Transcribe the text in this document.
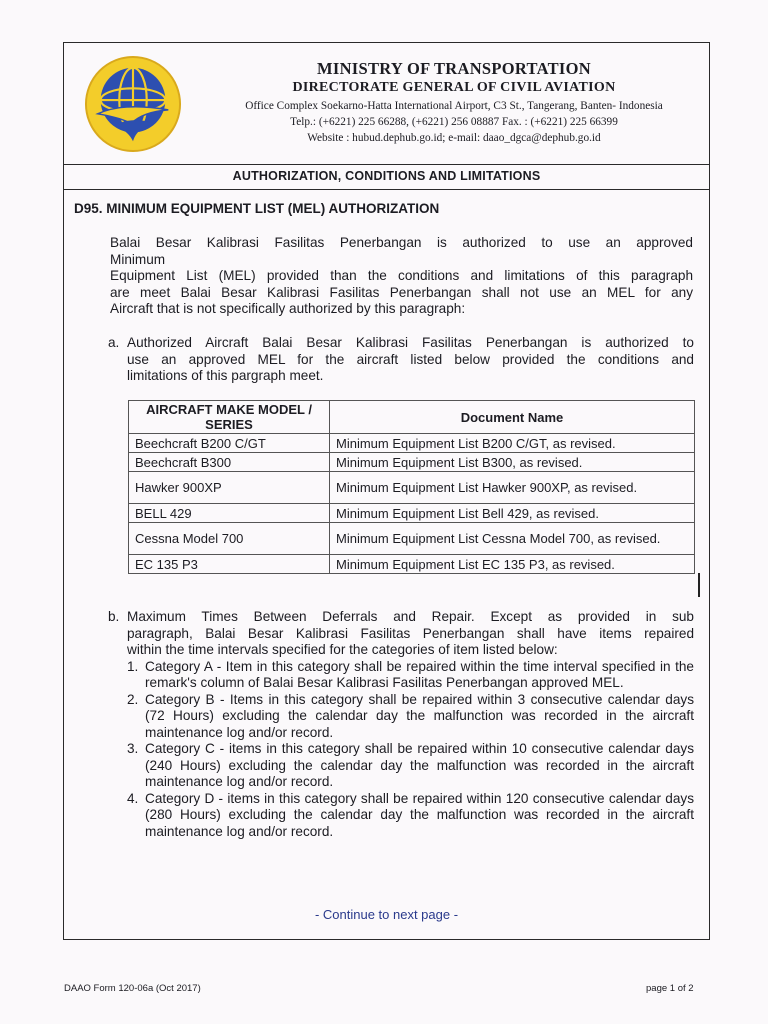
MINISTRY OF TRANSPORTATION
DIRECTORATE GENERAL OF CIVIL AVIATION
Office Complex Soekarno-Hatta International Airport, C3 St., Tangerang, Banten- Indonesia
Telp.: (+6221) 225 66288, (+6221) 256 08887 Fax. : (+6221) 225 66399
Website : hubud.dephub.go.id; e-mail: daao_dgca@dephub.go.id
AUTHORIZATION, CONDITIONS AND LIMITATIONS
D95. MINIMUM EQUIPMENT LIST (MEL) AUTHORIZATION
Balai Besar Kalibrasi Fasilitas Penerbangan is authorized to use an approved
Minimum
Equipment List (MEL) provided than the conditions and limitations of this paragraph
are meet Balai Besar Kalibrasi Fasilitas Penerbangan shall not use an MEL for any
Aircraft that is not specifically authorized by this paragraph:
a. Authorized Aircraft Balai Besar Kalibrasi Fasilitas Penerbangan is authorized to
use an approved MEL for the aircraft listed below provided the conditions and
limitations of this pargraph meet.
AIRCRAFT MAKE MODEL / SERIES	Document Name
Beechcraft B200 C/GT	Minimum Equipment List B200 C/GT, as revised.
Beechcraft B300	Minimum Equipment List B300, as revised.
Hawker 900XP	Minimum Equipment List Hawker 900XP, as revised.
BELL 429	Minimum Equipment List Bell 429, as revised.
Cessna Model 700	Minimum Equipment List Cessna Model 700, as revised.
EC 135 P3	Minimum Equipment List EC 135 P3, as revised.
b. Maximum Times Between Deferrals and Repair. Except as provided in sub
paragraph, Balai Besar Kalibrasi Fasilitas Penerbangan shall have items repaired
within the time intervals specified for the categories of item listed below:
1. Category A - Item in this category shall be repaired within the time interval specified in the remark's column of Balai Besar Kalibrasi Fasilitas Penerbangan approved MEL.
2. Category B - Items in this category shall be repaired within 3 consecutive calendar days (72 Hours) excluding the calendar day the malfunction was recorded in the aircraft maintenance log and/or record.
3. Category C - items in this category shall be repaired within 10 consecutive calendar days (240 Hours) excluding the calendar day the malfunction was recorded in the aircraft maintenance log and/or record.
4. Category D - items in this category shall be repaired within 120 consecutive calendar days (280 Hours) excluding the calendar day the malfunction was recorded in the aircraft maintenance log and/or record.
- Continue to next page -
DAAO Form 120-06a (Oct 2017)	page 1 of 2
